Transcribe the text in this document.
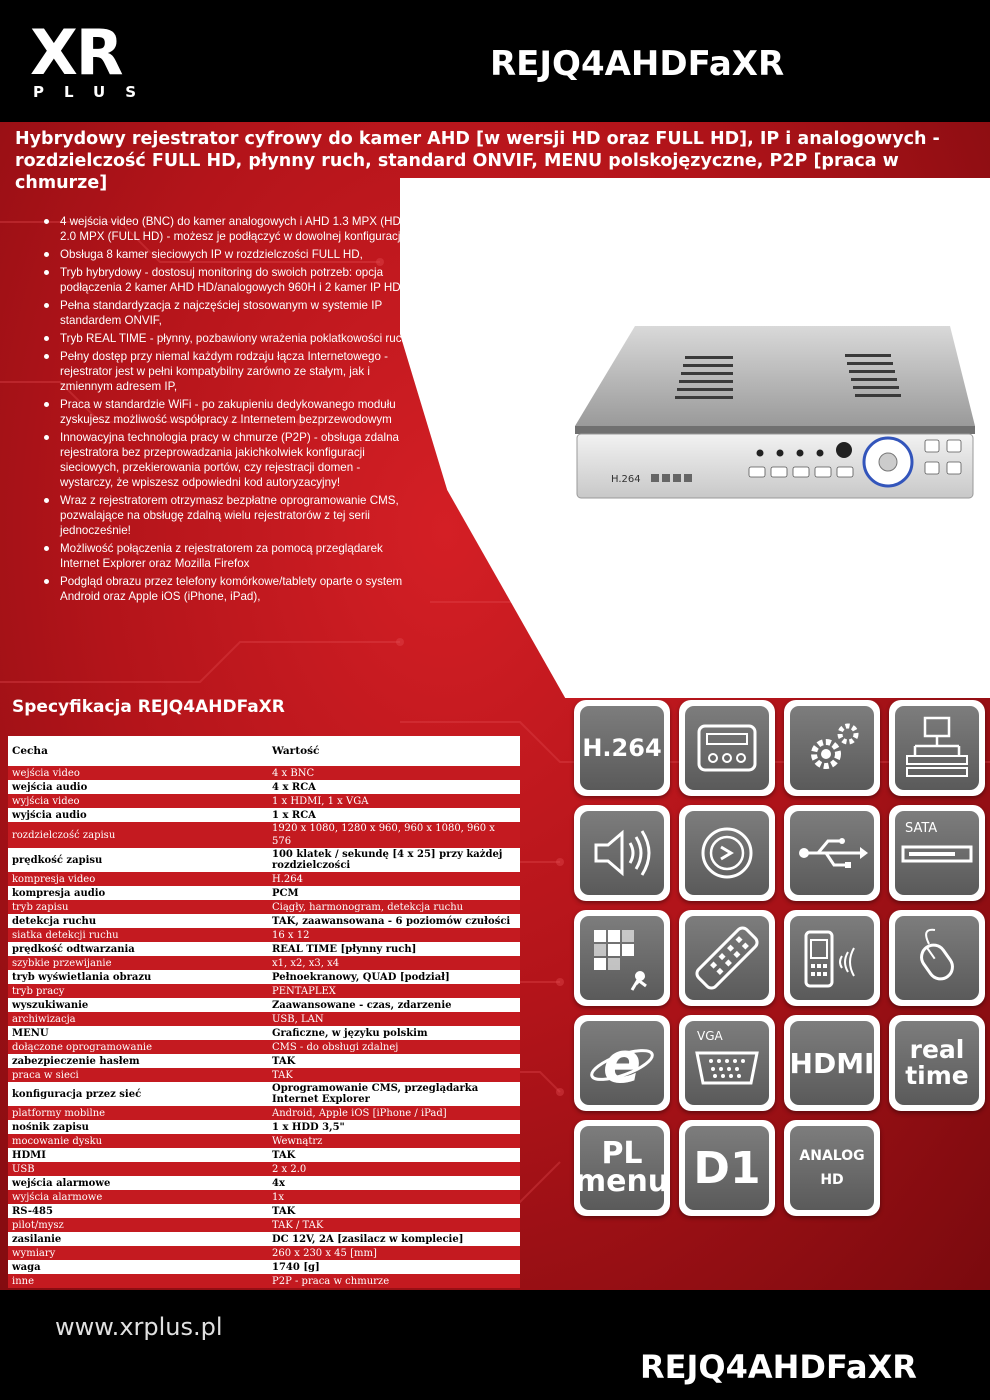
XR
PLUS
REJQ4AHDFaXR
Hybrydowy rejestrator cyfrowy do kamer AHD [w wersji HD oraz FULL HD], IP i analogowych - rozdzielczość FULL HD, płynny ruch, standard ONVIF, MENU polskojęzyczne, P2P [praca w chmurze]
H.264
4 wejścia video (BNC) do kamer analogowych i AHD 1.3 MPX (HD) / 2.0 MPX (FULL HD) - możesz je podłączyć w dowolnej konfiguracji,
Obsługa 8 kamer sieciowych IP w rozdzielczości FULL HD,
Tryb hybrydowy - dostosuj monitoring do swoich potrzeb: opcja podłączenia 2 kamer AHD HD/analogowych 960H i 2 kamer IP HD,
Pełna standardyzacja z najczęściej stosowanym w systemie IP standardem ONVIF,
Tryb REAL TIME - płynny, pozbawiony wrażenia poklatkowości ruch,
Pełny dostęp przy niemal każdym rodzaju łącza Internetowego - rejestrator jest w pełni kompatybilny zarówno ze stałym, jak i zmiennym adresem IP,
Praca w standardzie WiFi - po zakupieniu dedykowanego modułu zyskujesz możliwość współpracy z Internetem bezprzewodowym
Innowacyjna technologia pracy w chmurze (P2P) - obsługa zdalna rejestratora bez przeprowadzania jakichkolwiek konfiguracji sieciowych, przekierowania portów, czy rejestracji domen - wystarczy, że wpiszesz odpowiedni kod autoryzacyjny!
Wraz z rejestratorem otrzymasz bezpłatne oprogramowanie CMS, pozwalające na obsługę zdalną wielu rejestratorów z tej serii jednocześnie!
Możliwość połączenia z rejestratorem za pomocą przeglądarek Internet Explorer oraz Mozilla Firefox
Podgląd obrazu przez telefony komórkowe/tablety oparte o system Android oraz Apple iOS (iPhone, iPad),
Specyfikacja REJQ4AHDFaXR
Cecha	Wartość
wejścia video	4 x BNC
wejścia audio	4 x RCA
wyjścia video	1 x HDMI, 1 x VGA
wyjścia audio	1 x RCA
rozdzielczość zapisu	1920 x 1080, 1280 x 960, 960 x 1080, 960 x 576
prędkość zapisu	100 klatek / sekundę [4 x 25] przy każdej rozdzielczości
kompresja video	H.264
kompresja audio	PCM
tryb zapisu	Ciągły, harmonogram, detekcja ruchu
detekcja ruchu	TAK, zaawansowana - 6 poziomów czułości
siatka detekcji ruchu	16 x 12
prędkość odtwarzania	REAL TIME [płynny ruch]
szybkie przewijanie	x1, x2, x3, x4
tryb wyświetlania obrazu	Pełnoekranowy, QUAD [podział]
tryb pracy	PENTAPLEX
wyszukiwanie	Zaawansowane - czas, zdarzenie
archiwizacja	USB, LAN
MENU	Graficzne, w języku polskim
dołączone oprogramowanie	CMS - do obsługi zdalnej
zabezpieczenie hasłem	TAK
praca w sieci	TAK
konfiguracja przez sieć	Oprogramowanie CMS, przeglądarka Internet Explorer
platformy mobilne	Android, Apple iOS [iPhone / iPad]
nośnik zapisu	1 x HDD 3,5"
mocowanie dysku	Wewnątrz
HDMI	TAK
USB	2 x 2.0
wejścia alarmowe	4x
wyjścia alarmowe	1x
RS-485	TAK
pilot/mysz	TAK / TAK
zasilanie	DC 12V, 2A [zasilacz w komplecie]
wymiary	260 x 230 x 45 [mm]
waga	1740 [g]
inne	P2P - praca w chmurze
H.264
SATA
e	VGA
HDMI	real time
PL menu D1	ANALOG HD
www.xrplus.pl
REJQ4AHDFaXR
